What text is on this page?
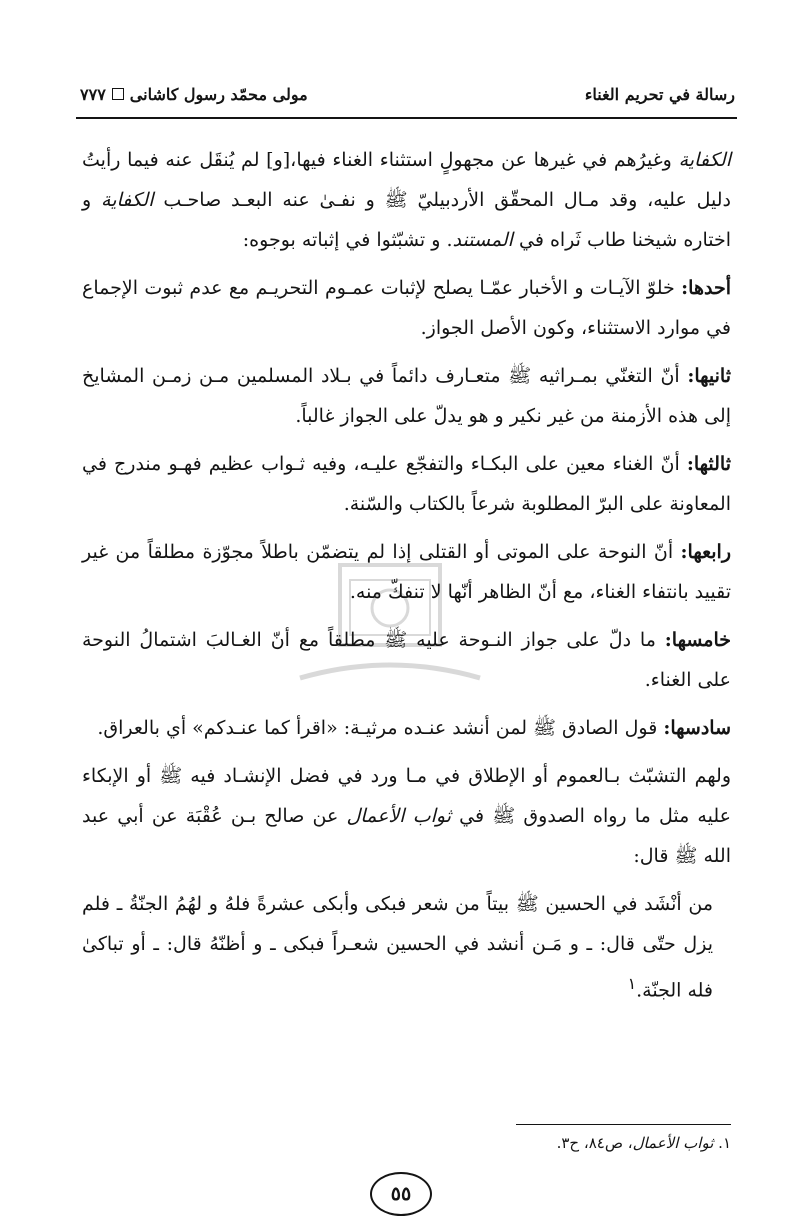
رسالة في تحريم الغناء
مولی محمّد رسول کاشانی
۷۷۷

الكفاية وغيرُهم في غيرها عن مجهولٍ استثناء الغناء فيها،[و] لم يُنقَل عنه فيما رأيتُ دليل عليه، وقد مـال المحقّق الأردبيليّ ﷺ و نفـىٰ عنه البعـد صاحـب الكفاية و اختاره شيخنا طاب ثَراه في المستند. و تشبّثوا في إثباته بوجوه:

أحدها: خلوّ الآيـات و الأخبار عمّـا يصلح لإثبات عمـوم التحريـم مع عدم ثبوت الإجماع في موارد الاستثناء، وكون الأصل الجواز.

ثانيها: أنّ التغنّي بمـراثيه ﷺ متعـارف دائماً في بـلاد المسلمين مـن زمـن المشايخ إلى هذه الأزمنة من غير نكير و هو يدلّ على الجواز غالباً.

ثالثها: أنّ الغناء معين على البكـاء والتفجّع عليـه، وفيه ثـواب عظيم فهـو مندرج في المعاونة على البرّ المطلوبة شرعاً بالكتاب والسّنة.

رابعها: أنّ النوحة على الموتى أو القتلى إذا لم يتضمّن باطلاً مجوّزة مطلقاً من غير تقييد بانتفاء الغناء، مع أنّ الظاهر أنّها لا تنفكّ منه.

خامسها: ما دلّ على جواز النـوحة عليه ﷺ مطلقاً مع أنّ الغـالبَ اشتمالُ النوحة على الغناء.

سادسها: قول الصادق ﷺ لمن أنشد عنـده مرثيـة: «اقرأ كما عنـدكم» أي بالعراق.

ولهم التشبّث بـالعموم أو الإطلاق في مـا ورد في فضل الإنشـاد فيه ﷺ أو الإبكاء عليه مثل ما رواه الصدوق ﷺ في ثواب الأعمال عن صالح بـن عُقْبَة عن أبي عبد الله ﷺ قال:

من أنْشَد في الحسين ﷺ بيتاً من شعر فبكى وأبكى عشرةً فلهُ و لهُمُ الجنّةُ ـ فلم يزل حتّى قال: ـ و مَـن أنشد في الحسين شعـراً فبكى ـ و أظنّهُ قال: ـ أو تباكىٰ فله الجنّة.$^١$

١. ثواب الأعمال، ص٨٤، ح٣.
٥٥
